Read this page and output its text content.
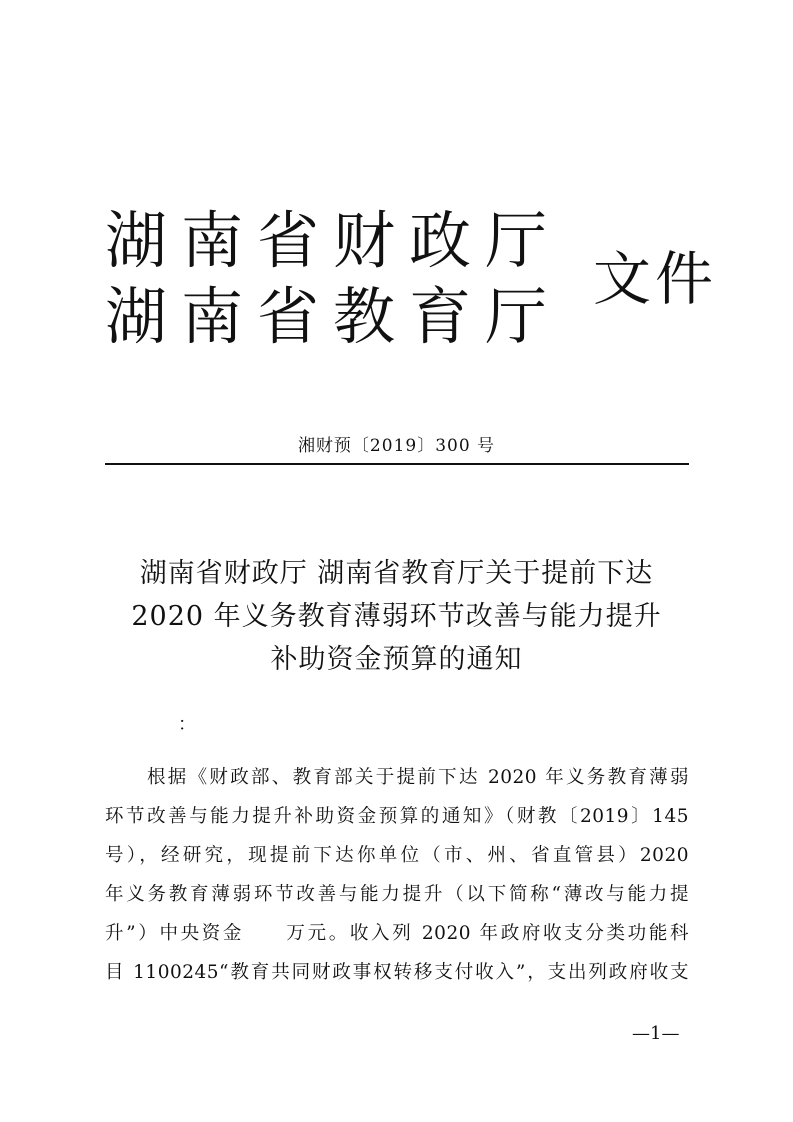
湖南省财政厅
湖南省教育厅
文件
湘财预〔2019〕300 号
湖南省财政厅 湖南省教育厅关于提前下达
2020 年义务教育薄弱环节改善与能力提升
补助资金预算的通知
：
根据《财政部、教育部关于提前下达 2020 年义务教育薄弱
环节改善与能力提升补助资金预算的通知》（财教〔2019〕145
号），经研究，现提前下达你单位（市、州、省直管县）2020
年义务教育薄弱环节改善与能力提升（以下简称“薄改与能力提
升”）中央资金　　万元。收入列 2020 年政府收支分类功能科
目 1100245“教育共同财政事权转移支付收入”，支出列政府收支
—1—
